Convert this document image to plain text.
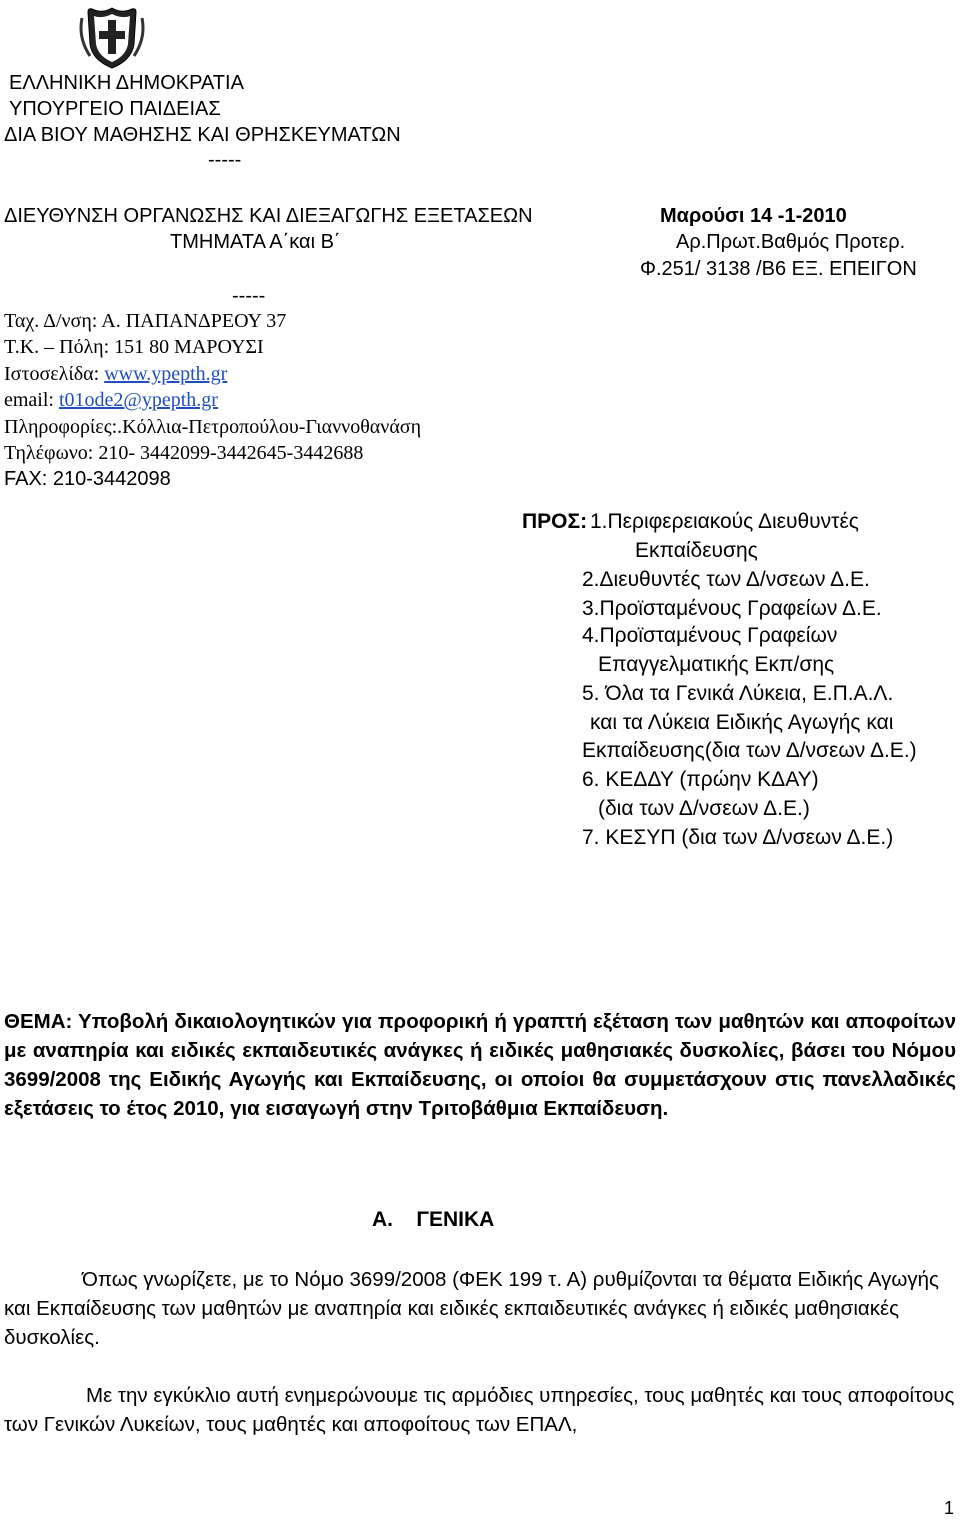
ΕΛΛΗΝΙΚΗ ΔΗΜΟΚΡΑΤΙΑ
ΥΠΟΥΡΓΕΙΟ ΠΑΙΔΕΙΑΣ
ΔΙΑ ΒΙΟΥ ΜΑΘΗΣΗΣ ΚΑΙ ΘΡΗΣΚΕΥΜΑΤΩΝ
-----
ΔΙΕΥΘΥΝΣΗ ΟΡΓΑΝΩΣΗΣ ΚΑΙ ΔΙΕΞΑΓΩΓΗΣ ΕΞΕΤΑΣΕΩΝ
ΤΜΗΜΑΤΑ Α΄και Β΄
-----
Μαρούσι 14 -1-2010
Αρ.Πρωτ.Βαθμός Προτερ.
Φ.251/ 3138 /Β6 ΕΞ. ΕΠΕΙΓΟΝ
Ταχ. Δ/νση: Α. ΠΑΠΑΝΔΡΕΟΥ 37
Τ.Κ. – Πόλη: 151 80 ΜΑΡΟΥΣΙ
Ιστοσελίδα: www.ypepth.gr
email: t01ode2@ypepth.gr
Πληροφορίες:.Κόλλια-Πετροπούλου-Γιαννοθανάση
Τηλέφωνο: 210- 3442099-3442645-3442688
FAX: 210-3442098
ΠΡΟΣ: 1.Περιφερειακούς Διευθυντές
Εκπαίδευσης
2.Διευθυντές των Δ/νσεων Δ.Ε.
3.Προϊσταμένους Γραφείων Δ.Ε.
4.Προϊσταμένους Γραφείων
Επαγγελματικής Εκπ/σης
5. Όλα τα Γενικά Λύκεια, Ε.Π.Α.Λ.
και τα Λύκεια Ειδικής Αγωγής και
Εκπαίδευσης(δια των Δ/νσεων Δ.Ε.)
6. ΚΕΔΔΥ (πρώην ΚΔΑΥ)
(δια των Δ/νσεων Δ.Ε.)
7. ΚΕΣΥΠ (δια των Δ/νσεων Δ.Ε.)
ΘΕΜΑ: Υποβολή δικαιολογητικών για προφορική ή γραπτή εξέταση των μαθητών και αποφοίτων με αναπηρία και ειδικές εκπαιδευτικές ανάγκες ή ειδικές μαθησιακές δυσκολίες, βάσει του Νόμου 3699/2008 της Ειδικής Αγωγής και Εκπαίδευσης, οι οποίοι θα συμμετάσχουν στις πανελλαδικές εξετάσεις το έτος 2010, για εισαγωγή στην Τριτοβάθμια Εκπαίδευση.
Α.    ΓΕΝΙΚΑ
Όπως γνωρίζετε, με το Νόμο 3699/2008 (ΦΕΚ 199 τ. Α) ρυθμίζονται τα θέματα Ειδικής Αγωγής και Εκπαίδευσης των μαθητών με αναπηρία και ειδικές εκπαιδευτικές ανάγκες ή ειδικές μαθησιακές δυσκολίες.
Με την εγκύκλιο αυτή ενημερώνουμε τις αρμόδιες υπηρεσίες, τους μαθητές και τους αποφοίτους των Γενικών Λυκείων, τους μαθητές και αποφοίτους των ΕΠΑΛ,
1
